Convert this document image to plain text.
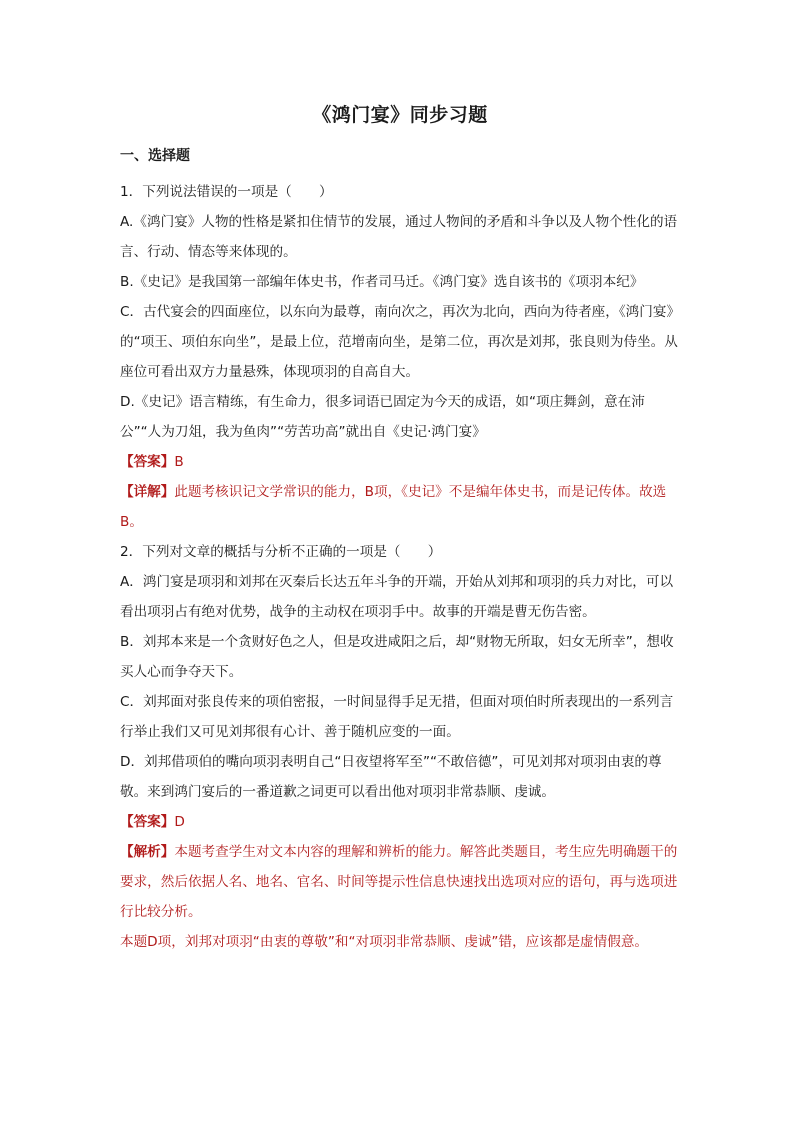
《鸿门宴》同步习题
一、选择题

1．下列说法错误的一项是（　　）

A.《鸿门宴》人物的性格是紧扣住情节的发展，通过人物间的矛盾和斗争以及人物个性化的语言、行动、情态等来体现的。

B.《史记》是我国第一部编年体史书，作者司马迁。《鸿门宴》选自该书的《项羽本纪》

C．古代宴会的四面座位，以东向为最尊，南向次之，再次为北向，西向为待者座，《鸿门宴》的“项王、项伯东向坐”，是最上位，范增南向坐，是第二位，再次是刘邦，张良则为侍坐。从座位可看出双方力量悬殊，体现项羽的自高自大。

D.《史记》语言精练，有生命力，很多词语已固定为今天的成语，如“项庄舞剑，意在沛公”“人为刀俎，我为鱼肉”“劳苦功高”就出自《史记·鸿门宴》

【答案】B

【详解】此题考核识记文学常识的能力，B项，《史记》不是编年体史书，而是记传体。故选B。

2．下列对文章的概括与分析不正确的一项是（　　）

A．鸿门宴是项羽和刘邦在灭秦后长达五年斗争的开端，开始从刘邦和项羽的兵力对比，可以看出项羽占有绝对优势，战争的主动权在项羽手中。故事的开端是曹无伤告密。

B．刘邦本来是一个贪财好色之人，但是攻进咸阳之后，却“财物无所取，妇女无所幸”，想收买人心而争夺天下。

C．刘邦面对张良传来的项伯密报，一时间显得手足无措，但面对项伯时所表现出的一系列言行举止我们又可见刘邦很有心计、善于随机应变的一面。

D．刘邦借项伯的嘴向项羽表明自己“日夜望将军至”“不敢倍德”，可见刘邦对项羽由衷的尊敬。来到鸿门宴后的一番道歉之词更可以看出他对项羽非常恭顺、虔诚。

【答案】D

【解析】本题考查学生对文本内容的理解和辨析的能力。解答此类题目，考生应先明确题干的要求，然后依据人名、地名、官名、时间等提示性信息快速找出选项对应的语句，再与选项进行比较分析。

本题D项，刘邦对项羽“由衷的尊敬”和“对项羽非常恭顺、虔诚”错，应该都是虚情假意。
